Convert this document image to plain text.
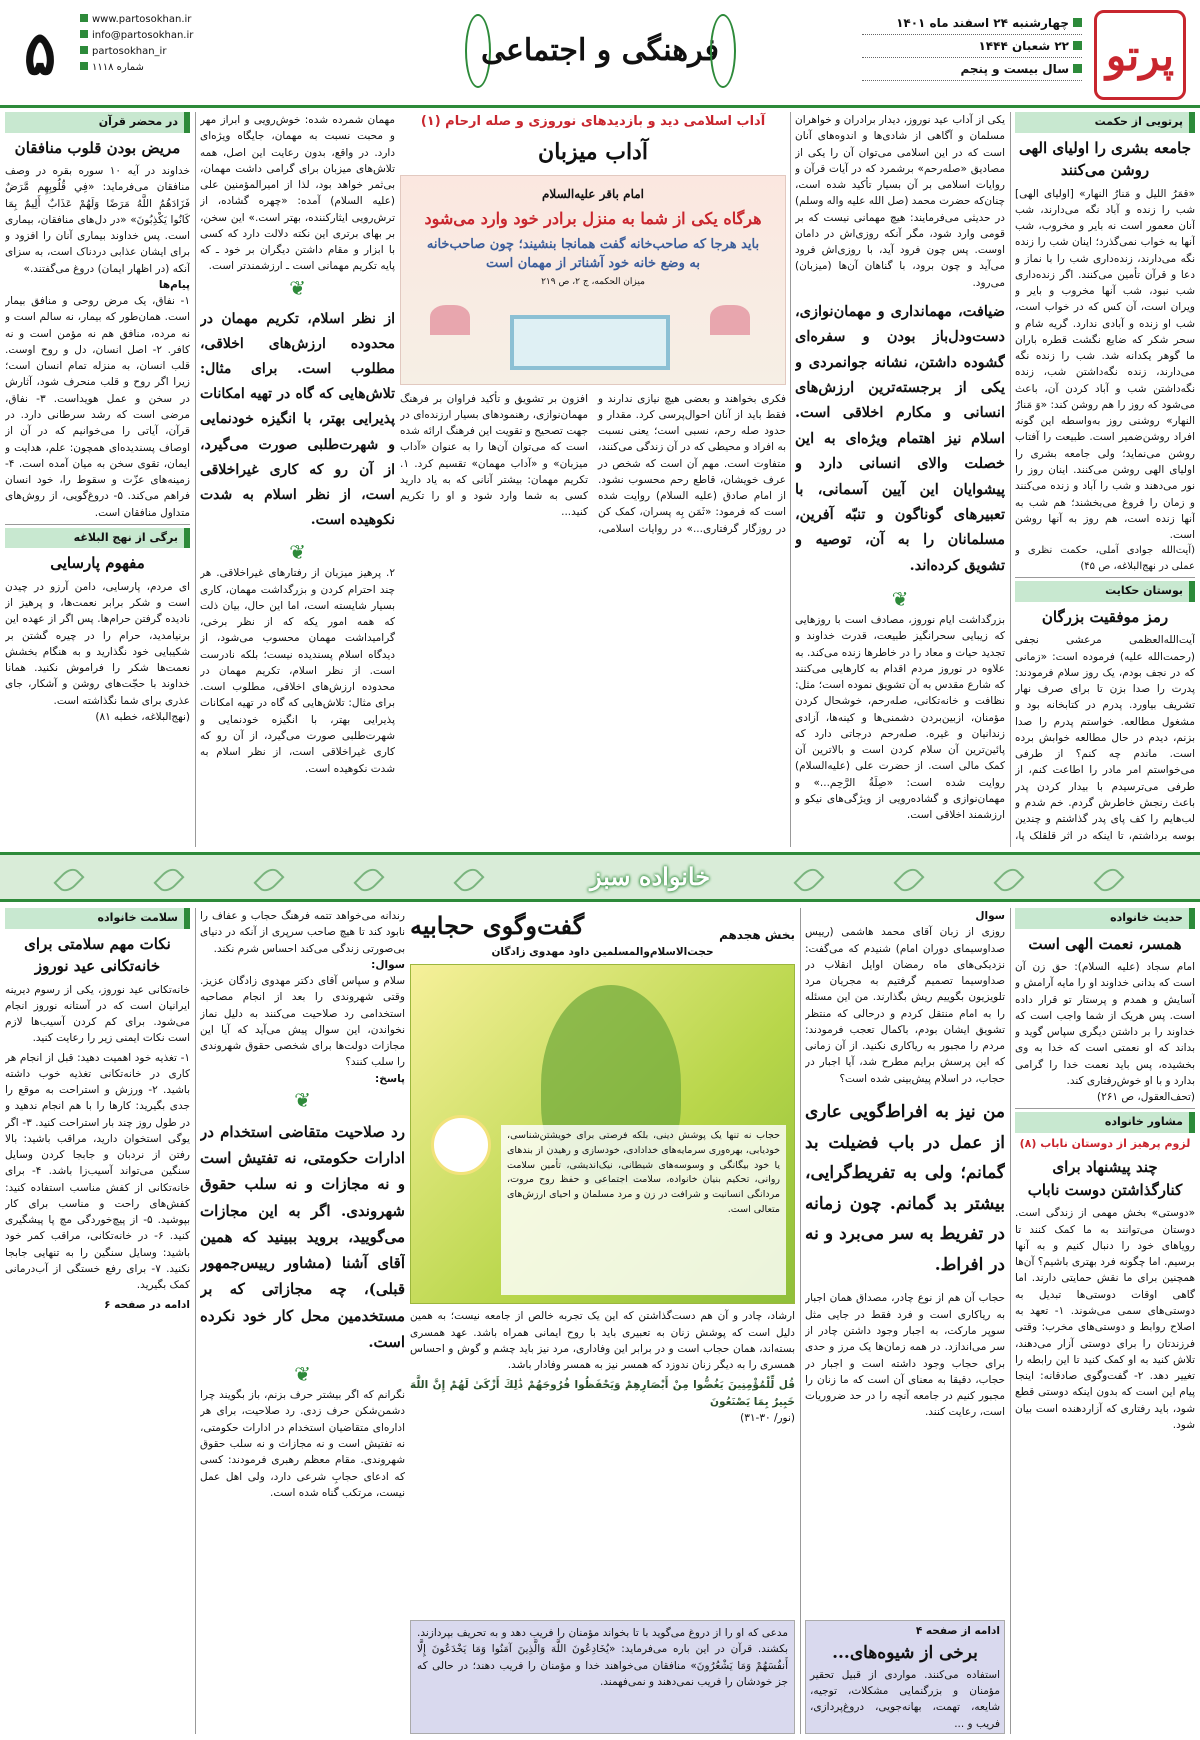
پرتو
چهارشنبه ۲۴ اسفند ماه ۱۴۰۱
۲۲ شعبان ۱۴۴۴
سال بیست و پنجم
فرهنگی و اجتماعی
۵	www.partosokhan.ir
info@partosokhan.ir
partosokhan_ir
شماره ۱۱۱۸
پرتویی از حکمت
جامعه بشری را اولیای الهی روشن می‌کنند
«قمَرُ اللیل و مَنارُ النهار» [اولیای الهی] شب را زنده و آباد نگه می‌دارند، شب آنان معمور است نه بایر و مخروب، شب آنها به خواب نمی‌گذرد؛ اینان شب را زنده نگه می‌دارند، زنده‌داری شب را با نماز و دعا و قرآن تأمین می‌کنند. اگر زنده‌داری شب نبود، شب آنها مخروب و بایر و ویران است، آن کس که در خواب است، شب او زنده و آبادی ندارد. گریه شام و سحر شکر که ضایع نگشت قطره باران ما گوهر یکدانه شد. شب را زنده نگه می‌دارند، زنده نگه‌داشتن شب، زنده نگه‌داشتن شب و آباد کردن آن، باعث می‌شود که روز را هم روشن کند: «وَ مَنارُ النهار» روشنی روز به‌واسطه این گونه افراد روشن‌ضمیر است. طبیعت را آفتاب روشن می‌نماید؛ ولی جامعه بشری را اولیای الهی روشن می‌کنند. اینان روز را نور می‌دهند و شب را آباد و زنده می‌کنند و زمان را فروغ می‌بخشند؛ هم شب به آنها زنده است، هم روز به آنها روشن است.
(آیت‌الله جوادی آملی، حکمت نظری و عملی در نهج‌البلاغه، ص ۴۵)
بوستان حکایت
رمز موفقیت بزرگان
آیت‌الله‌العظمی مرعشی نجفی (رحمت‌الله علیه) فرموده است: «زمانی که در نجف بودم، یک روز سلام فرمودند: پدرت را صدا بزن تا برای صرف نهار تشریف بیاورد. پدرم در کتابخانه بود و مشغول مطالعه. خواستم پدرم را صدا بزنم، دیدم در حال مطالعه خوابش برده است. ماندم چه کنم؟ از طرفی می‌خواستم امر مادر را اطاعت کنم، از طرفی می‌ترسیدم با بیدار کردن پدر باعث رنجش خاطرش گردم. خم شدم و لب‌هایم را کف پای پدر گذاشتم و چندین بوسه برداشتم، تا اینکه در اثر قلقلک پا،
یکی از آداب عید نوروز، دیدار برادران و خواهران مسلمان و آگاهی از شادی‌ها و اندوه‌های آنان است که در این اسلامی می‌توان آن را یکی از مصادیق «صله‌رحم» برشمرد که در آیات قرآن و روایات اسلامی بر آن بسیار تأکید شده است، چنان‌که حضرت محمد (صل الله علیه واله وسلم) در حدیثی می‌فرمایند: هیچ مهمانی نیست که بر قومی وارد شود، مگر آنکه روزی‌اش در دامان اوست. پس چون فرود آید، با روزی‌اش فرود می‌آید و چون برود، با گناهان آن‌ها (میزبان) می‌رود.
ضیافت، مهمانداری و مهمان‌نوازی، دست‌ودل‌باز بودن و سفره‌ای گشوده داشتن، نشانه جوانمردی و یکی از برجسته‌ترین ارزش‌های انسانی و مکارم اخلاقی است. اسلام نیز اهتمام ویژه‌ای به این خصلت والای انسانی دارد و پیشوایان این آیین آسمانی، با تعبیرهای گوناگون و تنبّه آفرین، مسلمانان را به آن، توصیه و تشویق کرده‌اند.
❦
بزرگداشت ایام نوروز، مصادف است با روزهایی که زیبایی سحرانگیز طبیعت، قدرت خداوند و تجدید حیات و معاد را در خاطرها زنده می‌کند. به علاوه در نوروز مردم اقدام به کارهایی می‌کنند که شارع مقدس به آن تشویق نموده است؛ مثل: نظافت و خانه‌تکانی، صله‌رحم، خوشحال کردن مؤمنان، ازبین‌بردن دشمنی‌ها و کینه‌ها، آزادی زندانیان و غیره. صله‌رحم درجاتی دارد که پائین‌ترین آن سلام کردن است و بالاترین آن کمک مالی است. از حضرت علی (علیه‌السلام) روایت شده است: «صِلَةُ الرَّحِم...» و مهمان‌نوازی و گشاده‌رویی از ویژگی‌های نیکو و ارزشمند اخلاقی است.
آداب اسلامی دید و بازدیدهای نوروزی و صله ارحام (۱)
آداب میزبان
امام باقر علیه‌السلام
هرگاه یکی از شما به منزل برادر خود وارد می‌شود
باید هرجا که صاحب‌خانه گفت همانجا بنشیند؛ چون صاحب‌خانه به وضع خانه خود آشناتر از مهمان است
میزان الحکمه، ج ۲، ص ۲۱۹
فکری بخواهند و بعضی هیچ نیازی ندارند و فقط باید از آنان احوال‌پرسی کرد. مقدار و حدود صله رحم، نسبی است؛ یعنی نسبت به افراد و محیطی که در آن زندگی می‌کنند، متفاوت است. مهم آن است که شخص در عرف خویشان، قاطع رحم محسوب نشود. از امام صادق (علیه السلام) روایت شده است که فرمود: «ثَمَن بِه پسران، کمک کن در روزگار گرفتاری...» در روایات اسلامی، افزون بر تشویق و تأکید فراوان بر فرهنگ مهمان‌نوازی، رهنمودهای بسیار ارزنده‌ای در جهت تصحیح و تقویت این فرهنگ ارائه شده است که می‌توان آن‌ها را به عنوان «آداب میزبان» و «آداب مهمان» تقسیم کرد. ۱. تکریم مهمان: بیشتر آنانی که به یاد دارید کسی به شما وارد شود و او را تکریم کنید...
مهمان شمرده شده: خوش‌رویی و ابراز مهر و محبت نسبت به مهمان، جایگاه ویژه‌ای دارد. در واقع، بدون رعایت این اصل، همه تلاش‌های میزبان برای گرامی داشت مهمان، بی‌ثمر خواهد بود، لذا از امیرالمؤمنین علی (علیه السلام) آمده: «چهره گشاده، از ترش‌رویی ایثارکننده، بهتر است.» این سخن، بر بهای برتری این نکته دلالت دارد که کسی با ابزار و مقام داشتن دیگران بر خود ـ که پایه تکریم مهمانی است ـ ارزشمندتر است.
❦
از نظر اسلام، تکریم مهمان در محدوده ارزش‌های اخلاقی، مطلوب است. برای مثال: تلاش‌هایی که گاه در تهیه امکانات پذیرایی بهتر، با انگیزه خودنمایی و شهرت‌طلبی صورت می‌گیرد، از آن رو که کاری غیراخلاقی است، از نظر اسلام به شدت نکوهیده است.
❦
۲. پرهیز میزبان از رفتارهای غیراخلاقی. هر چند احترام کردن و بزرگداشت مهمان، کاری بسیار شایسته است، اما این حال، بیان ذلت که همه امور یکه که از نظر برخی، گرامیداشت مهمان محسوب می‌شود، از دیدگاه اسلام پسندیده نیست؛ بلکه نادرست است. از نظر اسلام، تکریم مهمان در محدوده ارزش‌های اخلاقی، مطلوب است. برای مثال: تلاش‌هایی که گاه در تهیه امکانات پذیرایی بهتر، با انگیزه خودنمایی و شهرت‌طلبی صورت می‌گیرد، از آن رو که کاری غیراخلاقی است، از نظر اسلام به شدت نکوهیده است.
در محضر قرآن
مریض بودن قلوب منافقان
خداوند در آیه ۱۰ سوره بقره در وصف منافقان می‌فرماید: «فِي قُلُوبِهِم مَّرَضٌ فَزَادَهُمُ اللَّهُ مَرَضًا وَلَهُمْ عَذَابٌ أَلِيمٌ بِمَا كَانُوا يَكْذِبُونَ» «در دل‌های منافقان، بیماری است. پس خداوند بیماری آنان را افزود و برای ایشان عذابی دردناک است، به سزای آنکه (در اظهار ایمان) دروغ می‌گفتند.»
پیام‌ها
۱- نفاق، یک مرض روحی و منافق بیمار است. همان‌طور که بیمار، نه سالم است و نه مرده، منافق هم نه مؤمن است و نه کافر. ۲- اصل انسان، دل و روح اوست. قلب انسان، به منزله تمام انسان است؛ زیرا اگر روح و قلب منحرف شود، آثارش در سخن و عمل هویداست. ۳- نفاق، مرضی است که رشد سرطانی دارد. در قرآن، آیاتی را می‌خوانیم که در آن از اوصاف پسندیده‌ای همچون: علم، هدایت و ایمان، تقوی سخن به میان آمده است. ۴- زمینه‌های عزّت و سقوط را، خود انسان فراهم می‌کند. ۵- دروغ‌گویی، از روش‌های متداول منافقان است.
برگی از نهج البلاغه
مفهوم پارسایی
ای مردم، پارسایی، دامن آرزو در چیدن است و شکر برابر نعمت‌ها، و پرهیز از نادیده گرفتن حرام‌ها. پس اگر از عهده این برنیامدید، حرام را در چیره گشتن بر شکیبایی خود نگذارید و به هنگام بخشش نعمت‌ها شکر را فراموش نکنید. همانا خداوند با حجّت‌های روشن و آشکار، جای عذری برای شما نگذاشته است.
(نهج‌البلاغه، خطبه ۸۱)
خانواده سبز
حدیث خانواده
همسر، نعمت الهی است
امام سجاد (علیه السلام): حق زن آن است که بدانی خداوند او را مایه آرامش و آسایش و همدم و پرستار تو قرار داده است. پس هریک از شما واجب است که خداوند را بر داشتن دیگری سپاس گوید و بداند که او نعمتی است که خدا به وی بخشیده، پس باید نعمت خدا را گرامی بدارد و با او خوش‌رفتاری کند.
(تحف‌العقول، ص ۲۶۱)
مشاور خانواده
لزوم پرهیز از دوستان ناباب (۸)
چند پیشنهاد برای کنارگذاشتن دوست ناباب
«دوستی» بخش مهمی از زندگی است. دوستان می‌توانند به ما کمک کنند تا رویاهای خود را دنبال کنیم و به آنها برسیم. اما چگونه فرد بهتری باشیم؟ آن‌ها همچنین برای ما نقش حمایتی دارند. اما گاهی اوقات دوستی‌ها تبدیل به دوستی‌های سمی می‌شوند. ۱- تعهد به اصلاح روابط و دوستی‌های مخرب: وقتی فرزندتان را برای دوستی آزار می‌دهند، تلاش کنید به او کمک کنید تا این رابطه را تغییر دهد. ۲- گفت‌وگوی صادقانه: اینجا پیام این است که بدون اینکه دوستی قطع شود، باید رفتاری که آزاردهنده است بیان شود.
سوال
روزی از زبان آقای محمد هاشمی (رییس صداوسیمای دوران امام) شنیدم که می‌گفت: نزدیکی‌های ماه رمضان اوایل انقلاب در صداوسیما تصمیم گرفتیم به مجریان مرد تلویزیون بگوییم ریش بگذارند. من این مسئله را به امام منتقل کردم و درحالی که منتظر تشویق ایشان بودم، باکمال تعجب فرمودند: مردم را مجبور به ریاکاری نکنید. از آن زمانی که این پرسش برایم مطرح شد، آیا اجبار در حجاب، در اسلام پیش‌بینی شده است؟
من نیز به افراط‌گویی عاری از عمل در باب فضیلت بد گمانم؛ ولی به تفریط‌گرایی، بیشتر بد گمانم. چون زمانه در تفریط به سر می‌برد و نه در افراط.
حجاب آن هم از نوع چادر، مصداق همان اجبار به ریاکاری است و فرد فقط در جایی مثل سوپر مارکت، به اجبار وجود داشتن چادر از سر می‌اندازد. در همه زمان‌ها یک مرز و حدی برای حجاب وجود داشته است و اجبار در حجاب، دقیقا به معنای آن است که ما زنان را مجبور کنیم در جامعه آنچه را در حد ضروریات است، رعایت کنند.
ادامه از صفحه ۴
برخی از شیوه‌های...
استفاده می‌کنند. مواردی از قبیل تحقیر مؤمنان و بزرگنمایی مشکلات، توجیه، شایعه، تهمت، بهانه‌جویی، دروغ‌پردازی، فریب و ...
بخش هجدهم
گفت‌وگوی حجابیه
حجت‌الاسلام‌والمسلمین داود مهدوی زادگان
حجاب نه تنها یک پوشش دینی، بلکه فرصتی برای خویشتن‌شناسی، خودیابی، بهره‌وری سرمایه‌های خدادادی، خودسازی و رهیدن از بندهای یا خود بیگانگی و وسوسه‌های شیطانی، نیک‌اندیشی، تأمین سلامت روانی، تحکیم بنیان خانواده، سلامت اجتماعی و حفظ روح مروت، مردانگی انسانیت و شرافت در زن و مرد مسلمان و احیای ارزش‌های متعالی است.
ارشاد، چادر و آن هم دست‌گذاشتن که این یک تجربه خالص از جامعه نیست؛ به همین دلیل است که پوشش زنان به تعبیری باید با روح ایمانی همراه باشد. عهد همسری بسته‌اند، همان حجاب است و در برابر این وفاداری، مرد نیز باید چشم و گوش و احساس همسری را به دیگر زنان ندوزد که همسر نیز به همسر وفادار باشد.
قُل لِّلْمُؤْمِنِينَ يَغُضُّوا مِنْ أَبْصَارِهِمْ وَيَحْفَظُوا فُرُوجَهُمْ ذَٰلِكَ أَزْكَىٰ لَهُمْ إِنَّ اللَّهَ خَبِيرٌ بِمَا يَصْنَعُونَ
(نور/ ۳۰-۳۱)
مدعی که او را از دروغ می‌گوید با تا بخواند مؤمنان را فریب دهد و به تحریف بپردازند. بکشند. قرآن در این باره می‌فرماید: «یُخَادِعُونَ اللَّهَ وَالَّذِینَ آمَنُوا وَمَا یَخْدَعُونَ إِلَّا أَنفُسَهُمْ وَمَا یَشْعُرُونَ» منافقان می‌خواهند خدا و مؤمنان را فریب دهند؛ در حالی که جز خودشان را فریب نمی‌دهند و نمی‌فهمند.
رندانه می‌خواهد تتمه فرهنگ حجاب و عفاف را نابود کند تا هیچ صاحب سرپری از آنکه در دنیای بی‌صورتی زندگی می‌کند احساس شرم نکند.
سوال:
سلام و سپاس آقای دکتر مهدوی زادگان عزیز. وقتی شهروندی را بعد از انجام مصاحبه استخدامی رد صلاحیت می‌کنند به دلیل نماز نخواندن، این سوال پیش می‌آید که آیا این مجازات دولت‌ها برای شخصی حقوق شهروندی را سلب کنند؟
پاسخ:
❦
رد صلاحیت متقاضی استخدام در ادارات حکومتی، نه تفتیش است و نه مجازات و نه سلب حقوق شهروندی. اگر به این مجازات می‌گویید، بروید ببینید که همین آقای آشنا (مشاور رییس‌جمهور قبلی)، چه مجازاتی که بر مستخدمین محل کار خود نکرده است.
❦
نگرانم که اگر بیشتر حرف بزنم، باز بگویند چرا دشمن‌شکن حرف زدی. رد صلاحیت، برای هر اداره‌ای متقاضیان استخدام در ادارات حکومتی، نه تفتیش است و نه مجازات و نه سلب حقوق شهروندی. مقام معظم رهبری فرمودند: کسی که ادعای حجابِ شرعی دارد، ولی اهل عمل نیست، مرتکب گناه شده است.
سلامت خانواده
نکات مهم سلامتی برای خانه‌تکانی عید نوروز
خانه‌تکانی عید نوروز، یکی از رسوم دیرینه ایرانیان است که در آستانه نوروز انجام می‌شود. برای کم کردن آسیب‌ها لازم است نکات ایمنی زیر را رعایت کنید.
۱- تغذیه خود اهمیت دهید: قبل از انجام هر کاری در خانه‌تکانی تغذیه خوب داشته باشید. ۲- ورزش و استراحت به موقع را جدی بگیرید: کارها را با هم انجام ندهید و در طول روز چند بار استراحت کنید. ۳- اگر یوگی استخوان دارید، مراقب باشید: بالا رفتن از نردبان و جابجا کردن وسایل سنگین می‌تواند آسیب‌زا باشد. ۴- برای خانه‌تکانی از کفش مناسب استفاده کنید: کفش‌های راحت و مناسب برای کار بپوشید. ۵- از پیچ‌خوردگی مچ پا پیشگیری کنید. ۶- در خانه‌تکانی، مراقب کمر خود باشید: وسایل سنگین را به تنهایی جابجا نکنید. ۷- برای رفع خستگی از آب‌درمانی کمک بگیرید.
ادامه در صفحه ۶
